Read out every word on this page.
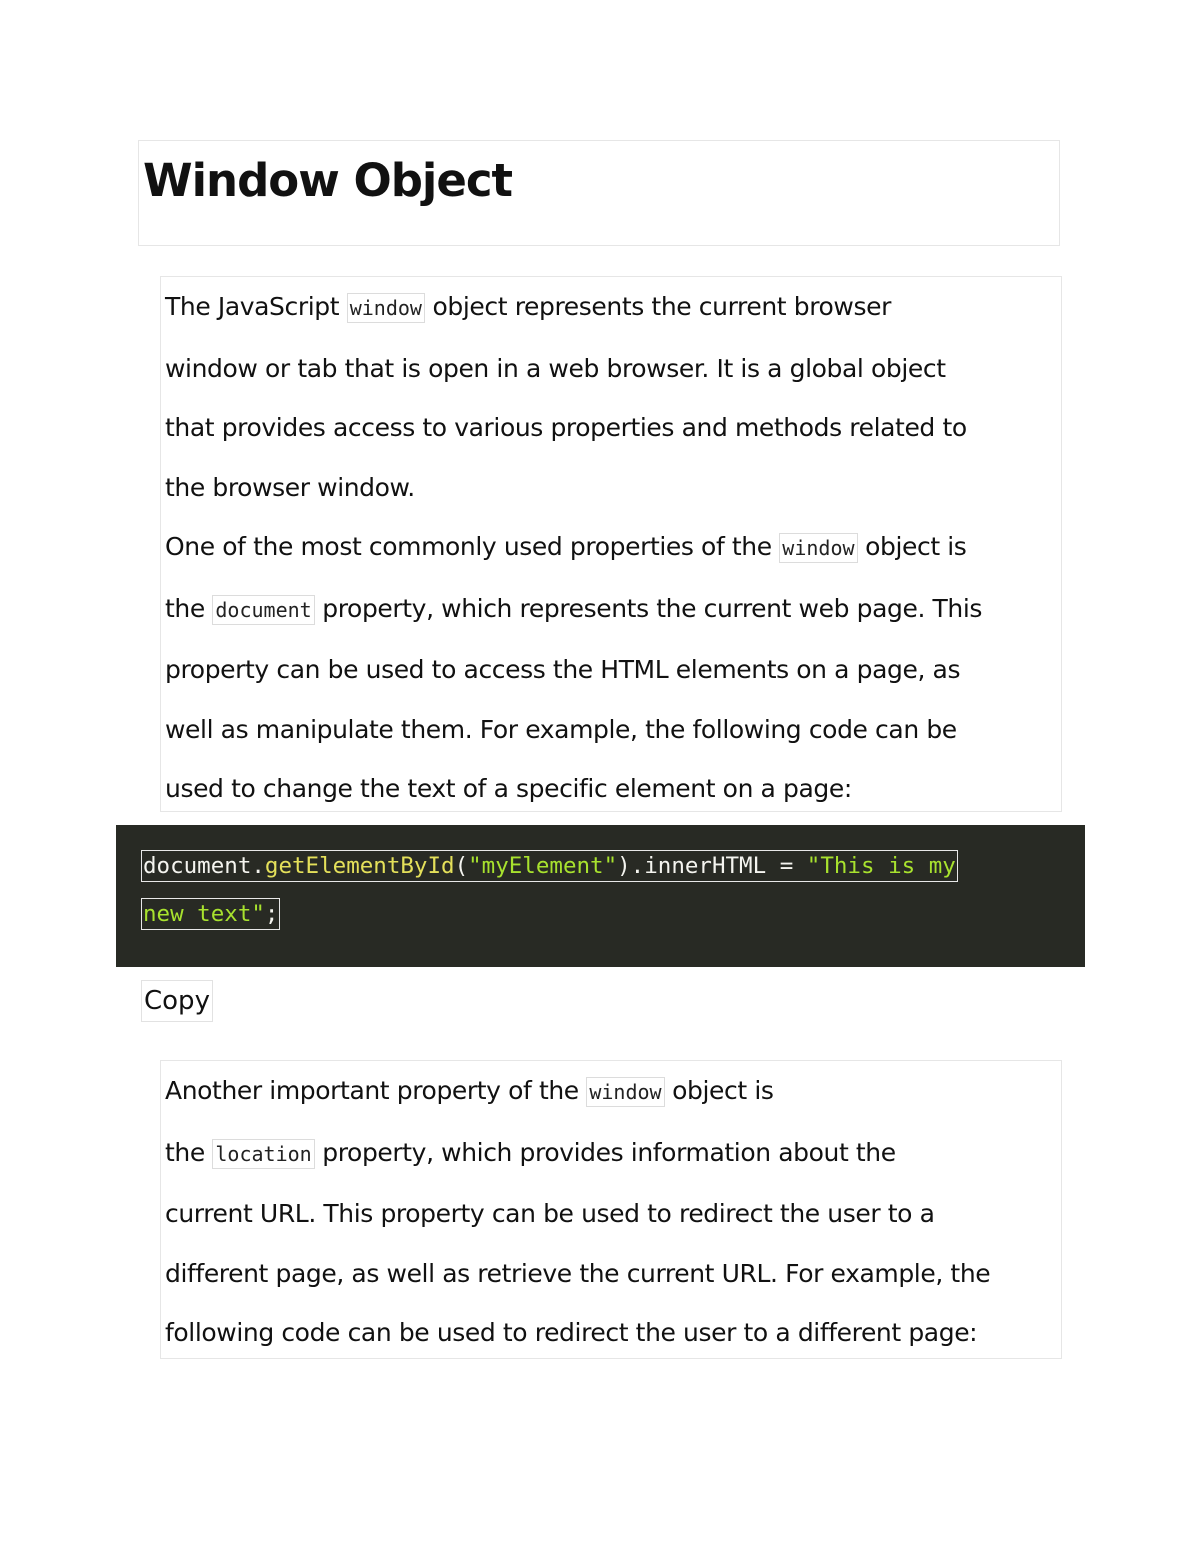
Window Object

The JavaScript window object represents the current browser

window or tab that is open in a web browser. It is a global object

that provides access to various properties and methods related to

the browser window.

One of the most commonly used properties of the window object is

the document property, which represents the current web page. This

property can be used to access the HTML elements on a page, as

well as manipulate them. For example, the following code can be

used to change the text of a specific element on a page:

document.getElementById("myElement").innerHTML = "This is my
new text";
Copy

Another important property of the window object is

the location property, which provides information about the

current URL. This property can be used to redirect the user to a

different page, as well as retrieve the current URL. For example, the

following code can be used to redirect the user to a different page:
